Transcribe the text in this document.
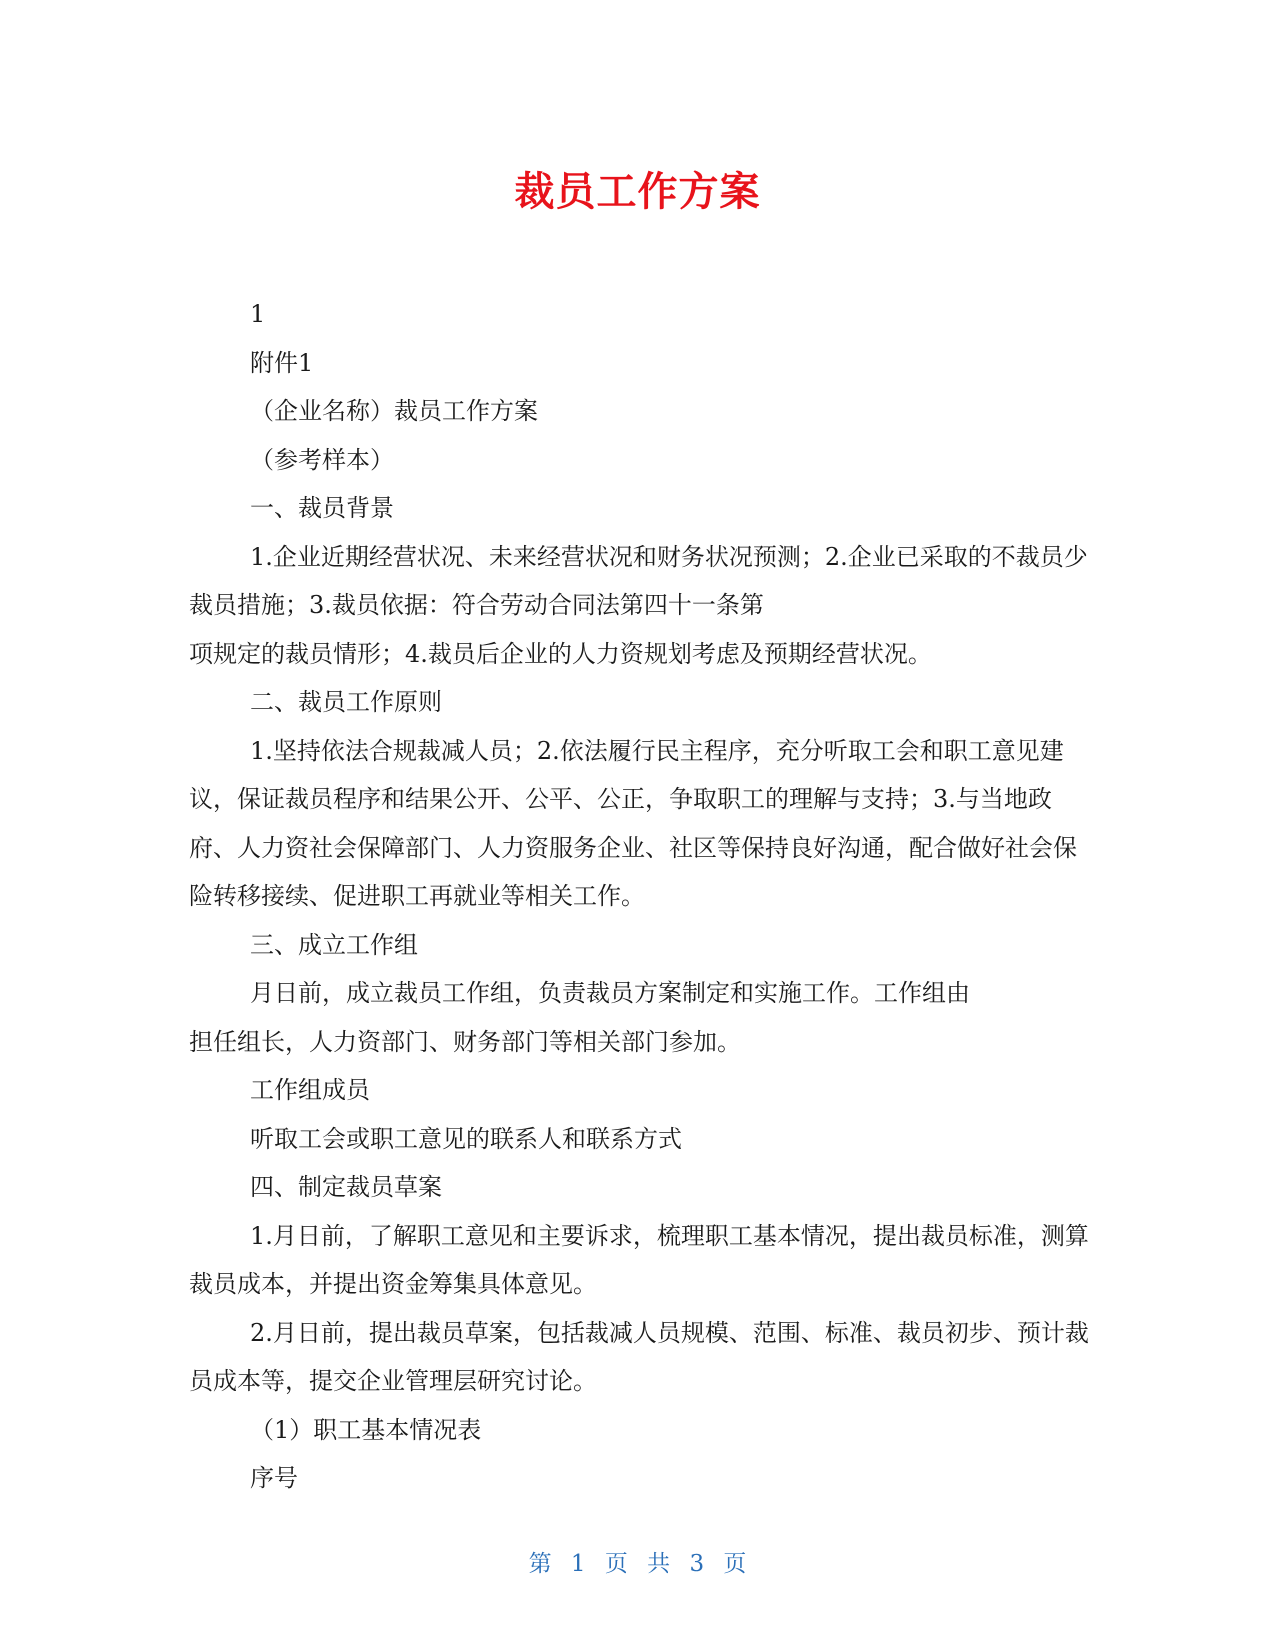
裁员工作方案

1

附件1

（企业名称）裁员工作方案

（参考样本）

一、裁员背景

1.企业近期经营状况、未来经营状况和财务状况预测；2.企业已采取的不裁员少裁员措施；3.裁员依据：符合劳动合同法第四十一条第

项规定的裁员情形；4.裁员后企业的人力资规划考虑及预期经营状况。

二、裁员工作原则

1.坚持依法合规裁减人员；2.依法履行民主程序，充分听取工会和职工意见建议，保证裁员程序和结果公开、公平、公正，争取职工的理解与支持；3.与当地政府、人力资社会保障部门、人力资服务企业、社区等保持良好沟通，配合做好社会保险转移接续、促进职工再就业等相关工作。

三、成立工作组

月日前，成立裁员工作组，负责裁员方案制定和实施工作。工作组由

担任组长，人力资部门、财务部门等相关部门参加。

工作组成员

听取工会或职工意见的联系人和联系方式

四、制定裁员草案

1.月日前，了解职工意见和主要诉求，梳理职工基本情况，提出裁员标准，测算裁员成本，并提出资金筹集具体意见。

2.月日前，提出裁员草案，包括裁减人员规模、范围、标准、裁员初步、预计裁员成本等，提交企业管理层研究讨论。

（1）职工基本情况表

序号

第 1 页 共 3 页
